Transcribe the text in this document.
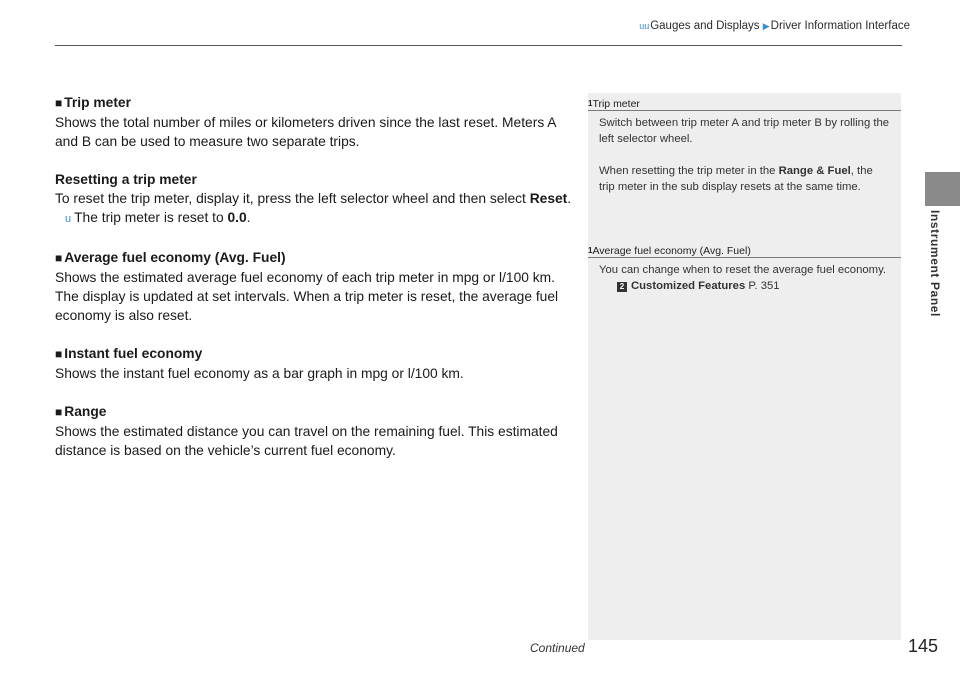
uuGauges and Displays ▶Driver Information Interface
Instrument Panel

■ Trip meter

Shows the total number of miles or kilometers driven since the last reset. Meters A and B can be used to measure two separate trips.

Resetting a trip meter

To reset the trip meter, display it, press the left selector wheel and then select Reset.

u The trip meter is reset to 0.0.

■ Average fuel economy (Avg. Fuel)

Shows the estimated average fuel economy of each trip meter in mpg or l/100 km. The display is updated at set intervals. When a trip meter is reset, the average fuel economy is also reset.

■ Instant fuel economy

Shows the instant fuel economy as a bar graph in mpg or l/100 km.

■ Range

Shows the estimated distance you can travel on the remaining fuel. This estimated distance is based on the vehicle’s current fuel economy.

$^1$Trip meter

Switch between trip meter A and trip meter B by rolling the left selector wheel.

When resetting the trip meter in the Range & Fuel, the trip meter in the sub display resets at the same time.

$^1$Average fuel economy (Avg. Fuel)

You can change when to reset the average fuel economy.

2 Customized Features P. 351

Continued	145
